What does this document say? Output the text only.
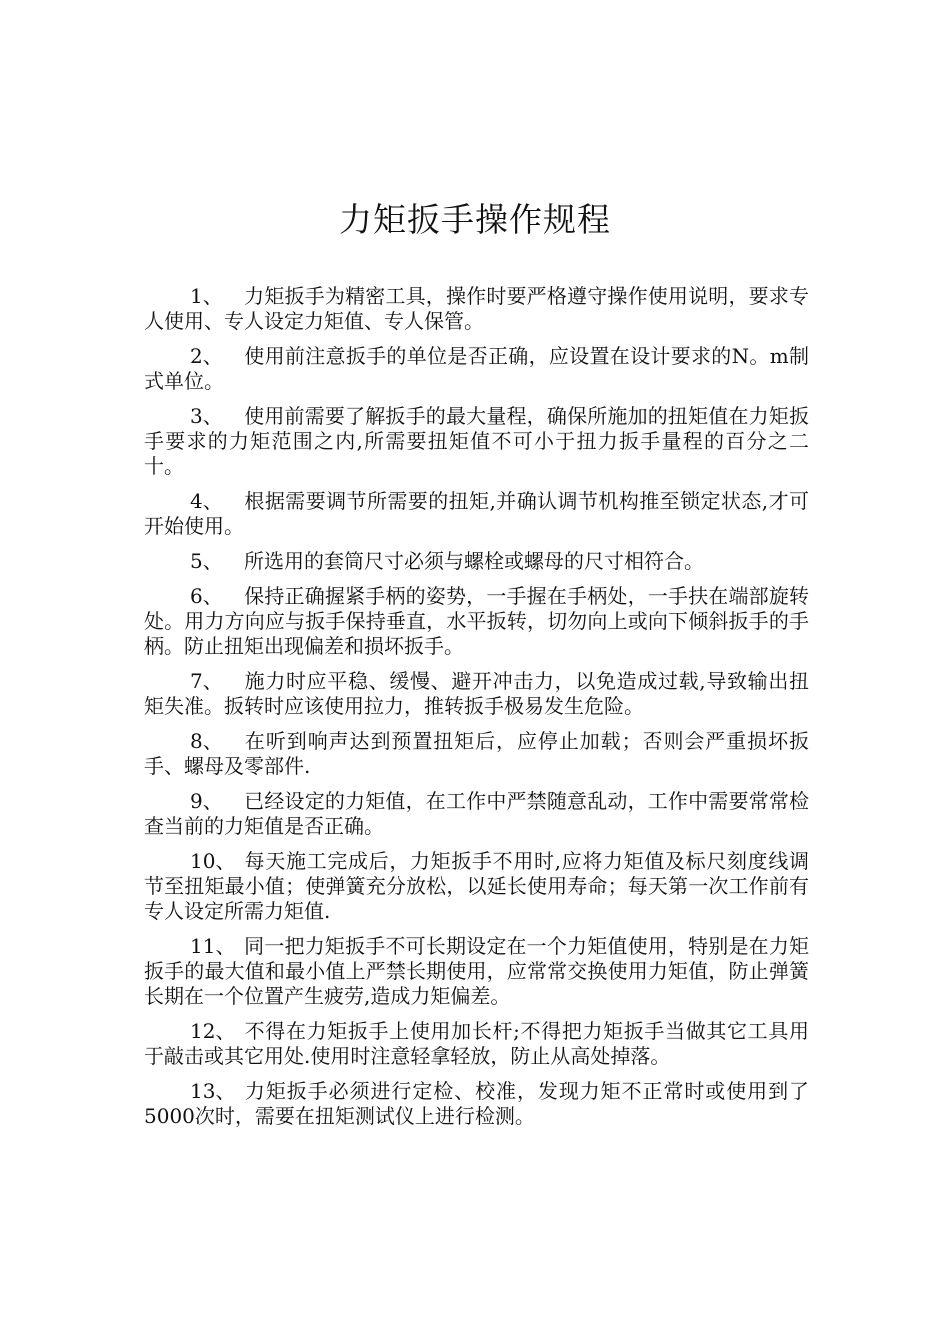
力矩扳手操作规程

1、 力矩扳手为精密工具，操作时要严格遵守操作使用说明，要求专人使用、专人设定力矩值、专人保管。

2、 使用前注意扳手的单位是否正确，应设置在设计要求的N。m制式单位。

3、 使用前需要了解扳手的最大量程，确保所施加的扭矩值在力矩扳手要求的力矩范围之内,所需要扭矩值不可小于扭力扳手量程的百分之二十。

4、 根据需要调节所需要的扭矩,并确认调节机构推至锁定状态,才可开始使用。

5、 所选用的套筒尺寸必须与螺栓或螺母的尺寸相符合。

6、 保持正确握紧手柄的姿势，一手握在手柄处，一手扶在端部旋转处。用力方向应与扳手保持垂直，水平扳转，切勿向上或向下倾斜扳手的手柄。防止扭矩出现偏差和损坏扳手。

7、 施力时应平稳、缓慢、避开冲击力，以免造成过载,导致输出扭矩失准。扳转时应该使用拉力，推转扳手极易发生危险。

8、 在听到响声达到预置扭矩后，应停止加载；否则会严重损坏扳手、螺母及零部件.

9、 已经设定的力矩值，在工作中严禁随意乱动，工作中需要常常检查当前的力矩值是否正确。

10、 每天施工完成后，力矩扳手不用时,应将力矩值及标尺刻度线调节至扭矩最小值；使弹簧充分放松，以延长使用寿命；每天第一次工作前有专人设定所需力矩值.

11、 同一把力矩扳手不可长期设定在一个力矩值使用，特别是在力矩扳手的最大值和最小值上严禁长期使用，应常常交换使用力矩值，防止弹簧长期在一个位置产生疲劳,造成力矩偏差。

12、 不得在力矩扳手上使用加长杆;不得把力矩扳手当做其它工具用于敲击或其它用处.使用时注意轻拿轻放，防止从高处掉落。

13、 力矩扳手必须进行定检、校准，发现力矩不正常时或使用到了5000次时，需要在扭矩测试仪上进行检测。
